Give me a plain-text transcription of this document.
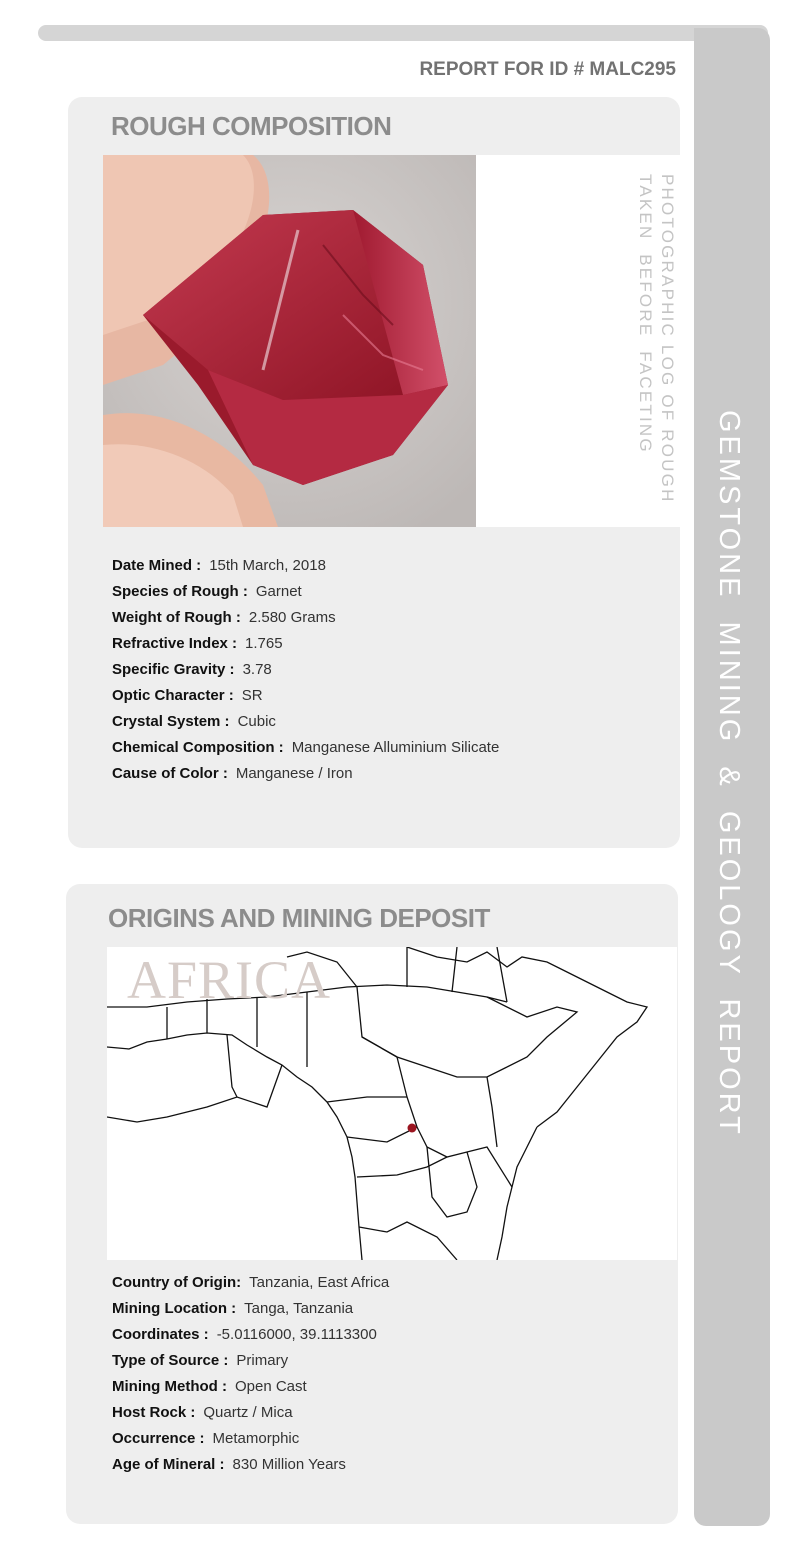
GEMSTONE  MINING  &  GEOLOGY  REPORT
REPORT FOR ID # MALC295
ROUGH COMPOSITION
PHOTOGRAPHIC LOG OF ROUGH
TAKEN  BEFORE  FACETING
Date Mined : 15th March, 2018
Species of Rough : Garnet
Weight of Rough : 2.580 Grams
Refractive Index : 1.765
Specific Gravity : 3.78
Optic Character : SR
Crystal System : Cubic
Chemical Composition : Manganese Alluminium Silicate
Cause of Color : Manganese / Iron
ORIGINS AND MINING DEPOSIT
AFRICA
Country of Origin: Tanzania, East Africa
Mining Location : Tanga, Tanzania
Coordinates : -5.0116000, 39.1113300
Type of Source : Primary
Mining Method : Open Cast
Host Rock : Quartz / Mica
Occurrence : Metamorphic
Age of Mineral : 830 Million Years
